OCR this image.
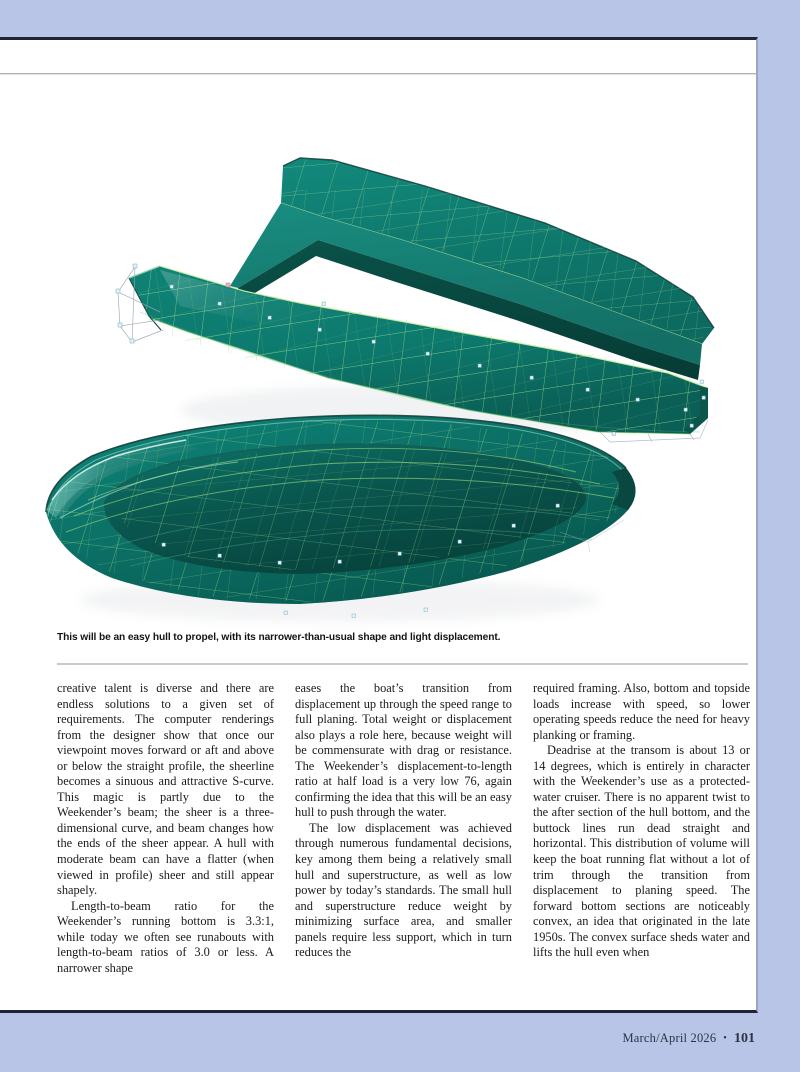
This will be an easy hull to propel, with its narrower-than-usual shape and light displacement.

creative talent is diverse and there are endless solutions to a given set of requirements. The computer renderings from the designer show that once our viewpoint moves forward or aft and above or below the straight profile, the sheerline becomes a sinuous and attractive S-curve. This magic is partly due to the Weekender’s beam; the sheer is a three-dimensional curve, and beam changes how the ends of the sheer appear. A hull with moderate beam can have a flatter (when viewed in profile) sheer and still appear shapely.

Length-to-beam ratio for the Weekender’s running bottom is 3.3:1, while today we often see runabouts with length-to-beam ratios of 3.0 or less. A narrower shape

eases the boat’s transition from displacement up through the speed range to full planing. Total weight or displacement also plays a role here, because weight will be commensurate with drag or resistance. The Weekender’s displacement-to-length ratio at half load is a very low 76, again confirming the idea that this will be an easy hull to push through the water.

The low displacement was achieved through numerous fundamental decisions, key among them being a relatively small hull and superstructure, as well as low power by today’s standards. The small hull and superstructure reduce weight by minimizing surface area, and smaller panels require less support, which in turn reduces the

required framing. Also, bottom and topside loads increase with speed, so lower operating speeds reduce the need for heavy planking or framing.

Deadrise at the transom is about 13 or 14 degrees, which is entirely in character with the Weekender’s use as a protected-water cruiser. There is no apparent twist to the after section of the hull bottom, and the buttock lines run dead straight and horizontal. This distribution of volume will keep the boat running flat without a lot of trim through the transition from displacement to planing speed. The forward bottom sections are noticeably convex, an idea that originated in the late 1950s. The convex surface sheds water and lifts the hull even when

March/April 2026 • 101
